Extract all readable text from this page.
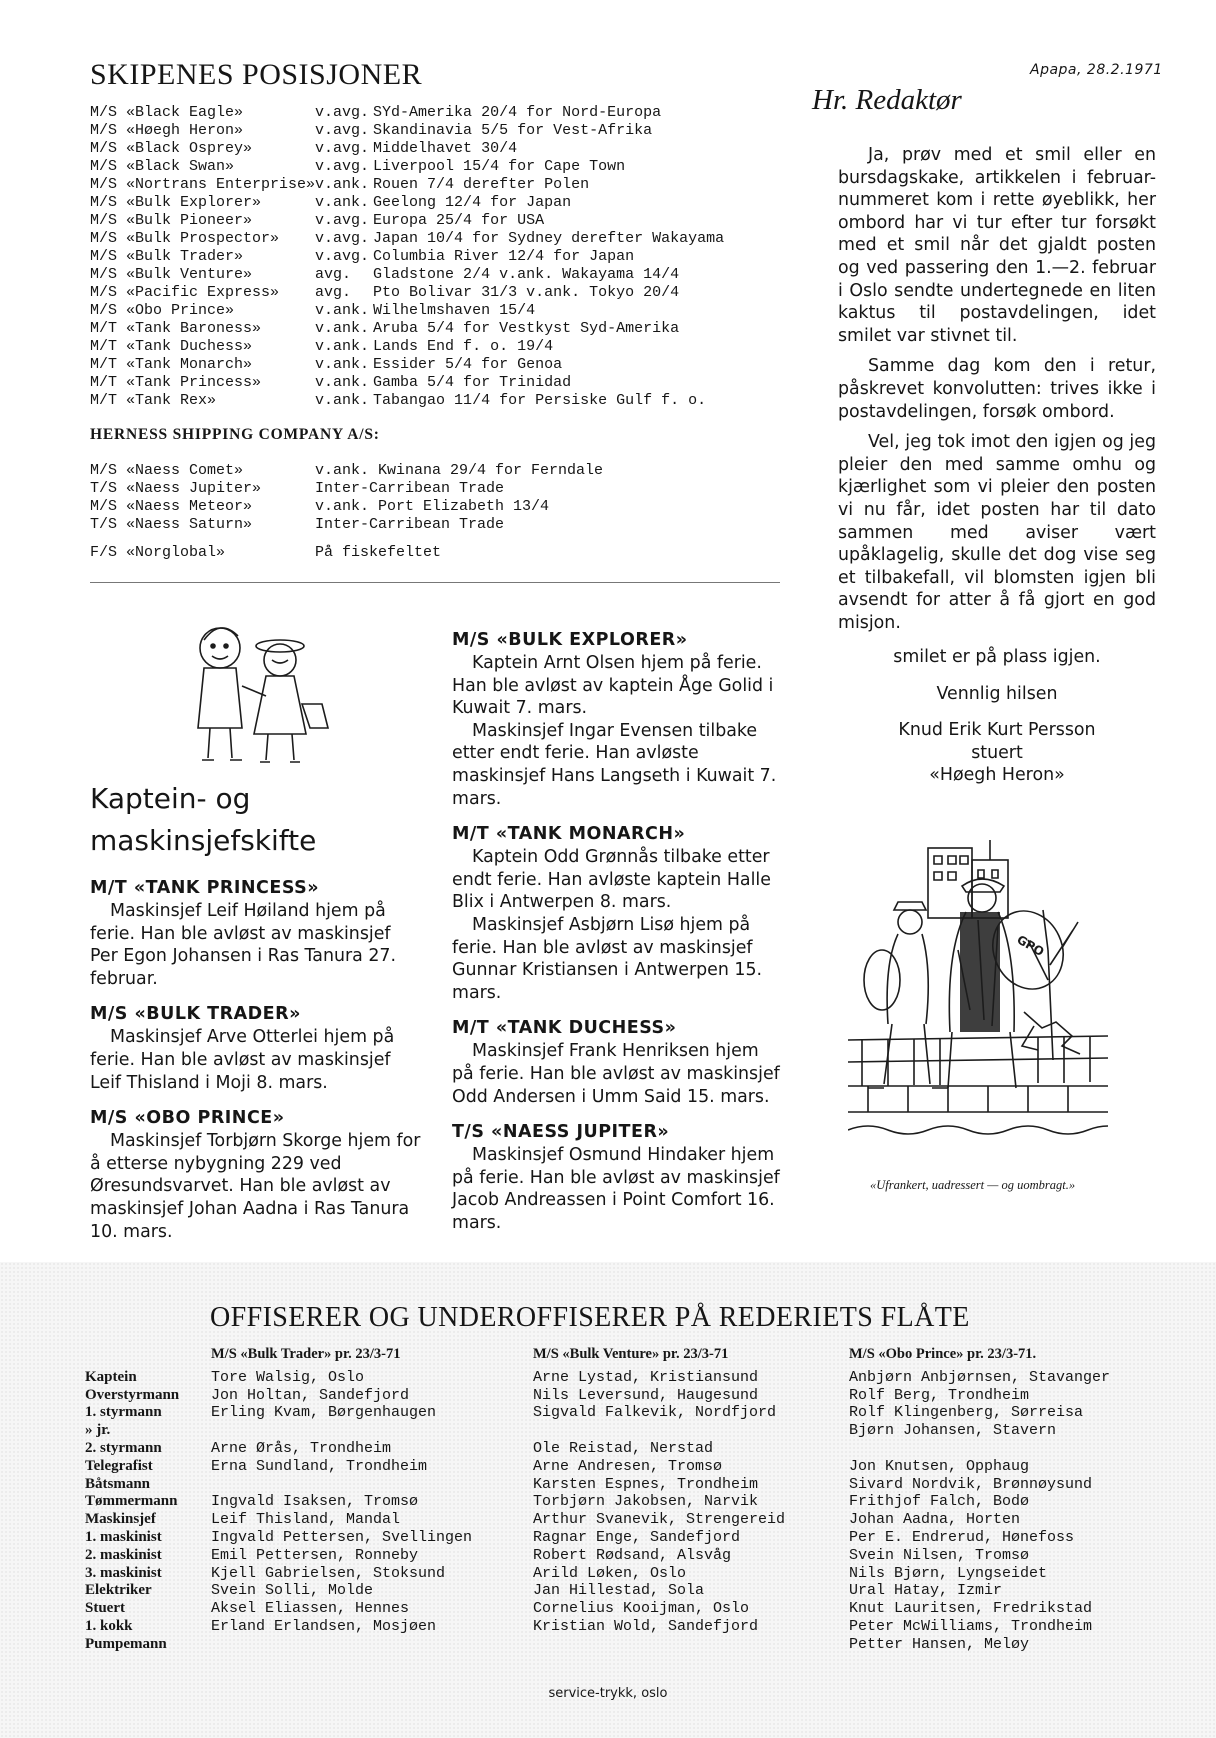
SKIPENES POSISJONER
M/S «Black Eagle»	v.avg.	SYd-Amerika 20/4 for Nord-Europa
M/S «Høegh Heron»	v.avg.	Skandinavia 5/5 for Vest-Afrika
M/S «Black Osprey»	v.avg.	Middelhavet 30/4
M/S «Black Swan»	v.avg.	Liverpool 15/4 for Cape Town
M/S «Nortrans Enterprise»	v.ank.	Rouen 7/4 derefter Polen
M/S «Bulk Explorer»	v.ank.	Geelong 12/4 for Japan
M/S «Bulk Pioneer»	v.avg.	Europa 25/4 for USA
M/S «Bulk Prospector»	v.avg.	Japan 10/4 for Sydney derefter Wakayama
M/S «Bulk Trader»	v.avg.	Columbia River 12/4 for Japan
M/S «Bulk Venture»	avg.	Gladstone 2/4 v.ank. Wakayama 14/4
M/S «Pacific Express»	avg.	Pto Bolivar 31/3 v.ank. Tokyo 20/4
M/S «Obo Prince»	v.ank.	Wilhelmshaven 15/4
M/T «Tank Baroness»	v.ank.	Aruba 5/4 for Vestkyst Syd-Amerika
M/T «Tank Duchess»	v.ank.	Lands End f. o. 19/4
M/T «Tank Monarch»	v.ank.	Essider 5/4 for Genoa
M/T «Tank Princess»	v.ank.	Gamba 5/4 for Trinidad
M/T «Tank Rex»	v.ank.	Tabangao 11/4 for Persiske Gulf f. o.
HERNESS SHIPPING COMPANY A/S:
M/S «Naess Comet»	v.ank. Kwinana 29/4 for Ferndale
T/S «Naess Jupiter»	Inter-Carribean Trade
M/S «Naess Meteor»	v.ank. Port Elizabeth 13/4
T/S «Naess Saturn»	Inter-Carribean Trade

F/S «Norglobal»	På fiskefeltet
Apapa, 28.2.1971
Hr. Redaktør

Ja, prøv med et smil eller en bursdagskake, artikkelen i februar-nummeret kom i rette øyeblikk, her ombord har vi tur efter tur forsøkt med et smil når det gjaldt posten og ved passering den 1.—2. februar i Oslo sendte undertegnede en liten kaktus til postavdelingen, idet smilet var stivnet til.

Samme dag kom den i retur, påskrevet konvolutten: trives ikke i postavdelingen, forsøk ombord.

Vel, jeg tok imot den igjen og jeg pleier den med samme omhu og kjærlighet som vi pleier den posten vi nu får, idet posten har til dato sammen med aviser vært upåklagelig, skulle det dog vise seg et tilbakefall, vil blomsten igjen bli avsendt for atter å få gjort en god misjon.

smilet er på plass igjen.
Vennlig hilsen
Knud Erik Kurt Persson
stuert
«Høegh Heron»
GPO
«Ufrankert, uadressert — og uombragt.»
Kaptein- og
maskinsjefskifte
M/T «TANK PRINCESS»
Maskinsjef Leif Høiland hjem på ferie. Han ble avløst av maskinsjef Per Egon Johansen i Ras Tanura 27. februar.
M/S «BULK TRADER»
Maskinsjef Arve Otterlei hjem på ferie. Han ble avløst av maskinsjef Leif Thisland i Moji 8. mars.
M/S «OBO PRINCE»
Maskinsjef Torbjørn Skorge hjem for å etterse nybygning 229 ved Øresundsvarvet. Han ble avløst av maskinsjef Johan Aadna i Ras Tanura 10. mars.
M/S «BULK EXPLORER»
Kaptein Arnt Olsen hjem på ferie. Han ble avløst av kaptein Åge Golid i Kuwait 7. mars.
Maskinsjef Ingar Evensen tilbake etter endt ferie. Han avløste maskinsjef Hans Langseth i Kuwait 7. mars.
M/T «TANK MONARCH»
Kaptein Odd Grønnås tilbake etter endt ferie. Han avløste kaptein Halle Blix i Antwerpen 8. mars.
Maskinsjef Asbjørn Lisø hjem på ferie. Han ble avløst av maskinsjef Gunnar Kristiansen i Antwerpen 15. mars.
M/T «TANK DUCHESS»
Maskinsjef Frank Henriksen hjem på ferie. Han ble avløst av maskinsjef Odd Andersen i Umm Said 15. mars.
T/S «NAESS JUPITER»
Maskinsjef Osmund Hindaker hjem på ferie. Han ble avløst av maskinsjef Jacob Andreassen i Point Comfort 16. mars.
OFFISERER OG UNDEROFFISERER PÅ REDERIETS FLÅTE
	M/S «Bulk Trader» pr. 23/3-71	M/S «Bulk Venture» pr. 23/3-71	M/S «Obo Prince» pr. 23/3-71.
Kaptein	Tore Walsig, Oslo	Arne Lystad, Kristiansund	Anbjørn Anbjørnsen, Stavanger
Overstyrmann	Jon Holtan, Sandefjord	Nils Leversund, Haugesund	Rolf Berg, Trondheim
1. styrmann	Erling Kvam, Børgenhaugen	Sigvald Falkevik, Nordfjord	Rolf Klingenberg, Sørreisa
» jr.			Bjørn Johansen, Stavern
2. styrmann	Arne Ørås, Trondheim	Ole Reistad, Nerstad	
Telegrafist	Erna Sundland, Trondheim	Arne Andresen, Tromsø	Jon Knutsen, Opphaug
Båtsmann		Karsten Espnes, Trondheim	Sivard Nordvik, Brønnøysund
Tømmermann	Ingvald Isaksen, Tromsø	Torbjørn Jakobsen, Narvik	Frithjof Falch, Bodø
Maskinsjef	Leif Thisland, Mandal	Arthur Svanevik, Strengereid	Johan Aadna, Horten
1. maskinist	Ingvald Pettersen, Svellingen	Ragnar Enge, Sandefjord	Per E. Endrerud, Hønefoss
2. maskinist	Emil Pettersen, Ronneby	Robert Rødsand, Alsvåg	Svein Nilsen, Tromsø
3. maskinist	Kjell Gabrielsen, Stoksund	Arild Løken, Oslo	Nils Bjørn, Lyngseidet
Elektriker	Svein Solli, Molde	Jan Hillestad, Sola	Ural Hatay, Izmir
Stuert	Aksel Eliassen, Hennes	Cornelius Kooijman, Oslo	Knut Lauritsen, Fredrikstad
1. kokk	Erland Erlandsen, Mosjøen	Kristian Wold, Sandefjord	Peter McWilliams, Trondheim
Pumpemann			Petter Hansen, Meløy
service-trykk, oslo
